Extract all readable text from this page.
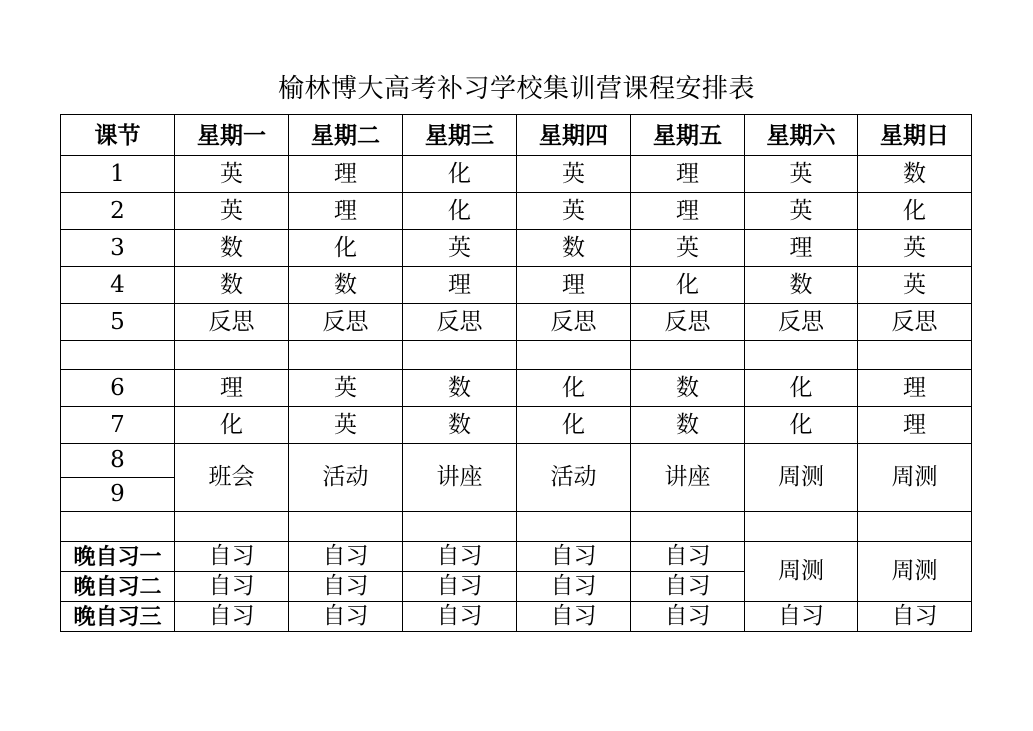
榆林博大高考补习学校集训营课程安排表
课节	星期一	星期二	星期三	星期四	星期五	星期六	星期日
1	英	理	化	英	理	英	数
2	英	理	化	英	理	英	化
3	数	化	英	数	英	理	英
4	数	数	理	理	化	数	英
5	反思	反思	反思	反思	反思	反思	反思

6	理	英	数	化	数	化	理
7	化	英	数	化	数	化	理
8	班会	活动	讲座	活动	讲座	周测	周测
9							

晚自习一	自习	自习	自习	自习	自习	周测	周测
晚自习二	自习	自习	自习	自习	自习		
晚自习三	自习	自习	自习	自习	自习	自习	自习
